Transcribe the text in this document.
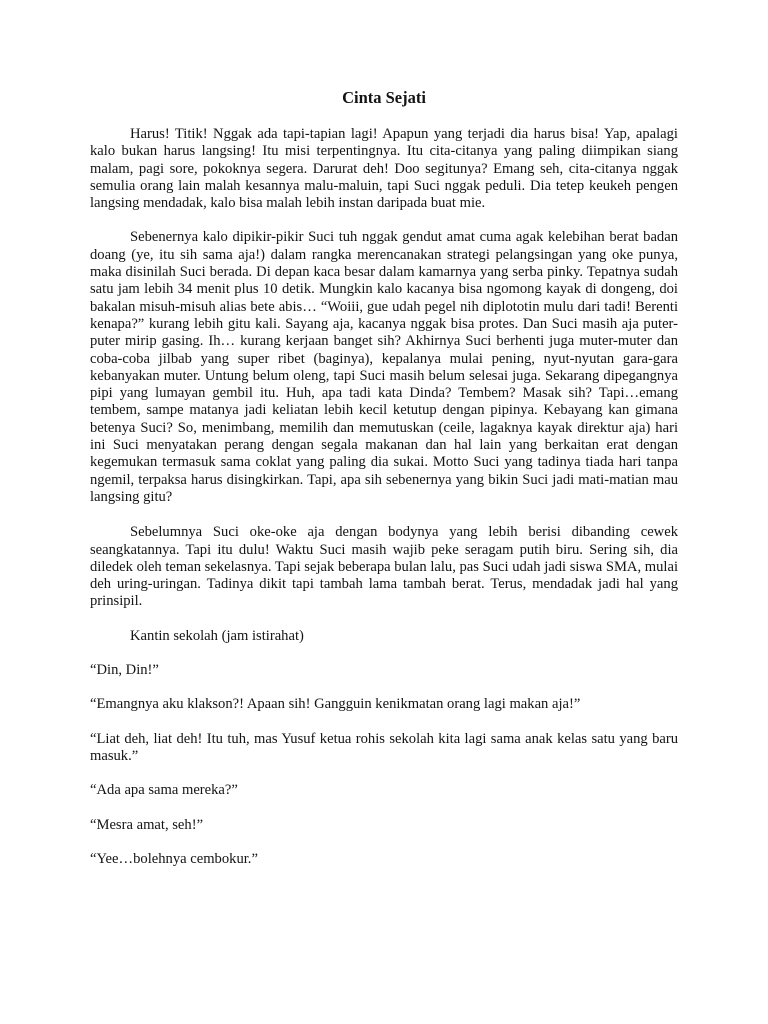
Cinta Sejati

Harus! Titik! Nggak ada tapi-tapian lagi! Apapun yang terjadi dia harus bisa! Yap, apalagi kalo bukan harus langsing! Itu misi terpentingnya. Itu cita-citanya yang paling diimpikan siang malam, pagi sore, pokoknya segera. Darurat deh! Doo segitunya? Emang seh, cita-citanya nggak semulia orang lain malah kesannya malu-maluin, tapi Suci nggak peduli. Dia tetep keukeh pengen langsing mendadak, kalo bisa malah lebih instan daripada buat mie.

Sebenernya kalo dipikir-pikir Suci tuh nggak gendut amat cuma agak kelebihan berat badan doang (ye, itu sih sama aja!) dalam rangka merencanakan strategi pelangsingan yang oke punya, maka disinilah Suci berada. Di depan kaca besar dalam kamarnya yang serba pinky. Tepatnya sudah satu jam lebih 34 menit plus 10 detik. Mungkin kalo kacanya bisa ngomong kayak di dongeng, doi bakalan misuh-misuh alias bete abis… “Woiii, gue udah pegel nih diplototin mulu dari tadi! Berenti kenapa?” kurang lebih gitu kali. Sayang aja, kacanya nggak bisa protes. Dan Suci masih aja puter-puter mirip gasing. Ih… kurang kerjaan banget sih? Akhirnya Suci berhenti juga muter-muter dan coba-coba jilbab yang super ribet (baginya), kepalanya mulai pening, nyut-nyutan gara-gara kebanyakan muter. Untung belum oleng, tapi Suci masih belum selesai juga. Sekarang dipegangnya pipi yang lumayan gembil itu. Huh, apa tadi kata Dinda? Tembem? Masak sih? Tapi…emang tembem, sampe matanya jadi keliatan lebih kecil ketutup dengan pipinya. Kebayang kan gimana betenya Suci? So, menimbang, memilih dan memutuskan (ceile, lagaknya kayak direktur aja) hari ini Suci menyatakan perang dengan segala makanan dan hal lain yang berkaitan erat dengan kegemukan termasuk sama coklat yang paling dia sukai. Motto Suci yang tadinya tiada hari tanpa ngemil, terpaksa harus disingkirkan. Tapi, apa sih sebenernya yang bikin Suci jadi mati-matian mau langsing gitu?

Sebelumnya Suci oke-oke aja dengan bodynya yang lebih berisi dibanding cewek seangkatannya. Tapi itu dulu! Waktu Suci masih wajib peke seragam putih biru. Sering sih, dia diledek oleh teman sekelasnya. Tapi sejak beberapa bulan lalu, pas Suci udah jadi siswa SMA, mulai deh uring-uringan. Tadinya dikit tapi tambah lama tambah berat. Terus, mendadak jadi hal yang prinsipil.

Kantin sekolah (jam istirahat)

“Din, Din!”

“Emangnya aku klakson?! Apaan sih! Gangguin kenikmatan orang lagi makan aja!”

“Liat deh, liat deh! Itu tuh, mas Yusuf ketua rohis sekolah kita lagi sama anak kelas satu yang baru masuk.”

“Ada apa sama mereka?”

“Mesra amat, seh!”

“Yee…bolehnya cembokur.”
